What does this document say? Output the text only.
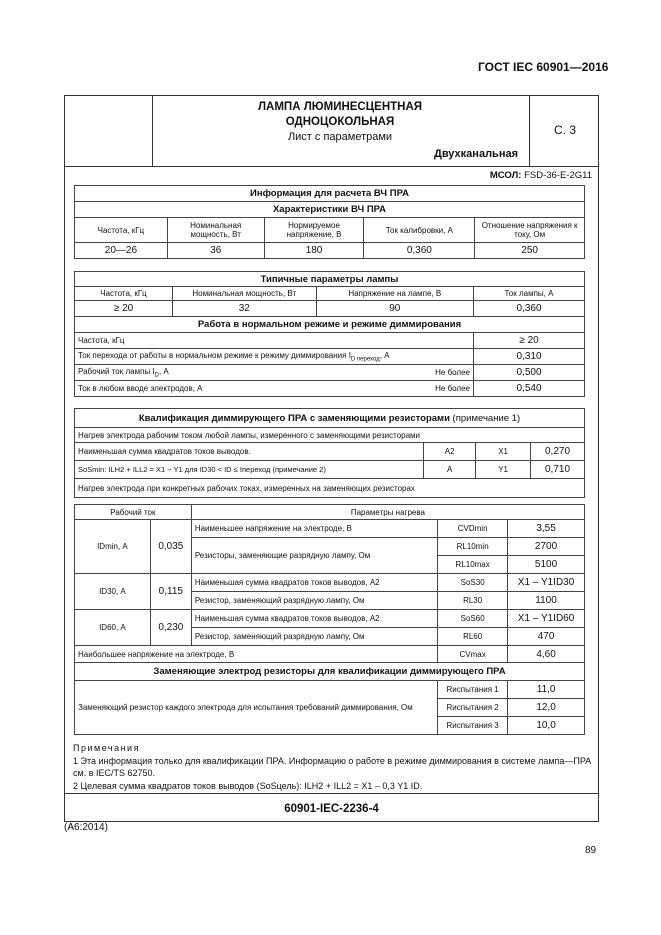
ГОСТ IEC 60901—2016
ЛАМПА ЛЮМИНЕСЦЕНТНАЯ
ОДНОЦОКОЛЬНАЯ
Лист с параметрами
Двухканальная
С. 3
МСОЛ: FSD-36-E-2G11
Информация для расчета ВЧ ПРА				
Характеристики ВЧ ПРА				
Частота, кГц	Номинальная мощность, Вт	Нормируемое напряжение, В	Ток калибровки, А	Отношение напряжения к току, Ом
20—26	36	180	0,360	250
Типичные параметры лампы			
Частота, кГц	Номинальная мощность, Вт	Напряжение на лампе, В	Ток лампы, А
≥ 20	32	90	0,360
Работа в нормальном режиме и режиме диммирования			
Частота, кГц			≥ 20
Ток перехода от работы в нормальном режиме к режиму диммирования $I_{D переход}$, А			0,310
Рабочий ток лампы $I_D$, А		Не более	0,500
Ток в любом вводе электродов, А		Не более	0,540
Квалификация диммирующего ПРА с заменяющими резисторами (примечание 1)			
Нагрев электрода рабочим током любой лампы, измеренного с заменяющими резисторами			
Наименьшая сумма квадратов токов выводов.	А2	X1	0,270
SoSmin: ILH2 + ILL2 = X1 − Y1 для ID30 < ID ≤ Iпереход (примечание 2)	А	Y1	0,710
Нагрев электрода при конкретных рабочих токах, измеренных на заменяющих резисторах			
Рабочий ток		Параметры нагрева		
IDmin, А	0,035	Наименьшее напряжение на электроде, В	CVDmin	3,55
		Резисторы, заменяющие разрядную лампу, Ом	RL10min	2700
			RL10max	5100
ID30, А	0,115	Наименьшая сумма квадратов токов выводов, А2	SoS30	X1 – Y1ID30
		Резистор, заменяющий разрядную лампу, Ом	RL30	1100
ID60, А	0,230	Наименьшая сумма квадратов токов выводов, А2	SoS60	X1 – Y1ID60
		Резистор, заменяющий разрядную лампу, Ом	RL60	470
Наибольшее напряжение на электроде, В			CVmax	4,60
Заменяющие электрод резисторы для квалификации диммирующего ПРА				
Заменяющий резистор каждого электрода для испытания требований диммирования, Ом			Rиспытания 1	11,0
			Rиспытания 2	12,0
			Rиспытания 3	10,0
Примечания
1 Эта информация только для квалификации ПРА. Информацию о работе в режиме диммирования в системе лампа—ПРА см. в IEC/TS 62750.
2 Целевая сумма квадратов токов выводов (SoSцель): ILH2 + ILL2 = X1 – 0,3 Y1 ID.
60901-IEC-2236-4
(А6:2014)
89
